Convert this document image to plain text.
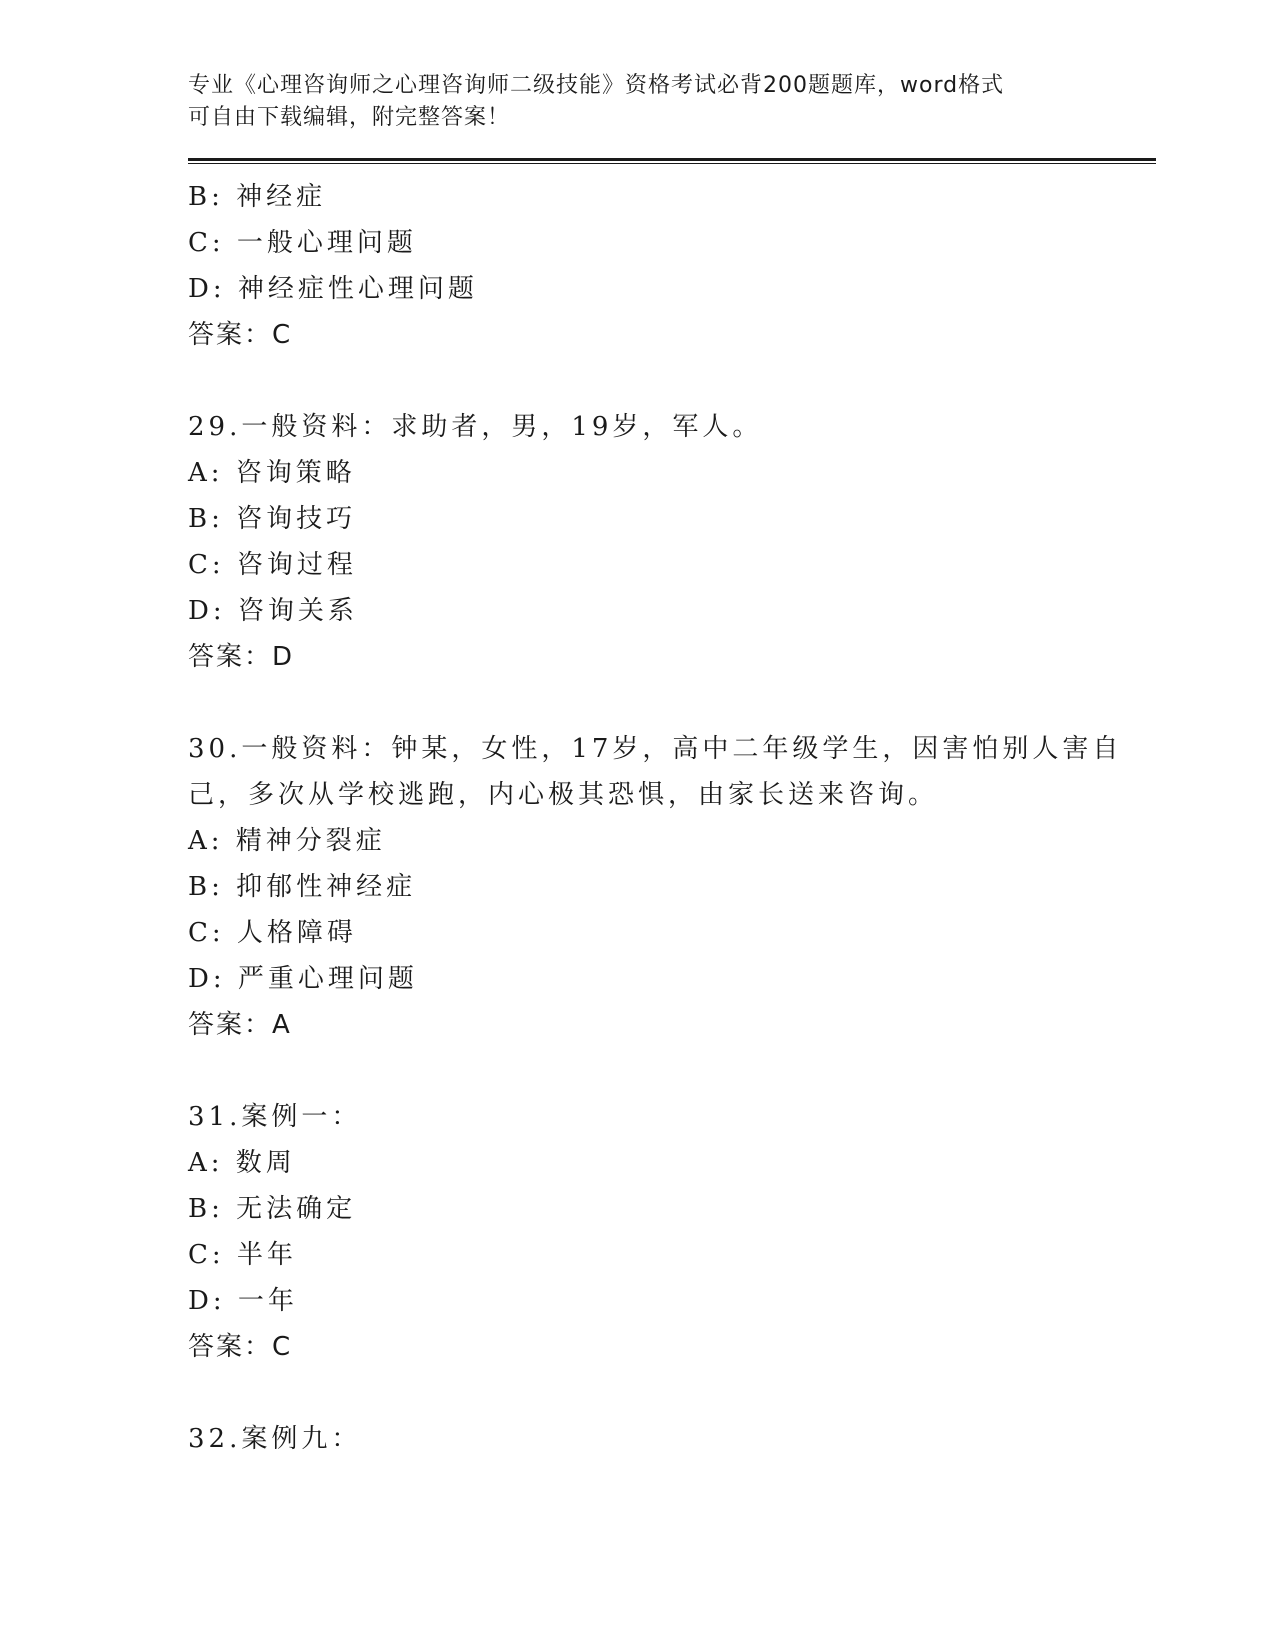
专业《心理咨询师之心理咨询师二级技能》资格考试必背200题题库，word格式
可自由下载编辑，附完整答案！
B: 神经症
C: 一般心理问题
D: 神经症性心理问题
答案：C
29.一般资料：求助者，男，19岁，军人。
A: 咨询策略
B: 咨询技巧
C: 咨询过程
D: 咨询关系
答案：D
30.一般资料：钟某，女性，17岁，高中二年级学生，因害怕别人害自
己，多次从学校逃跑，内心极其恐惧，由家长送来咨询。
A: 精神分裂症
B: 抑郁性神经症
C: 人格障碍
D: 严重心理问题
答案：A
31.案例一：
A: 数周
B: 无法确定
C: 半年
D: 一年
答案：C
32.案例九：
